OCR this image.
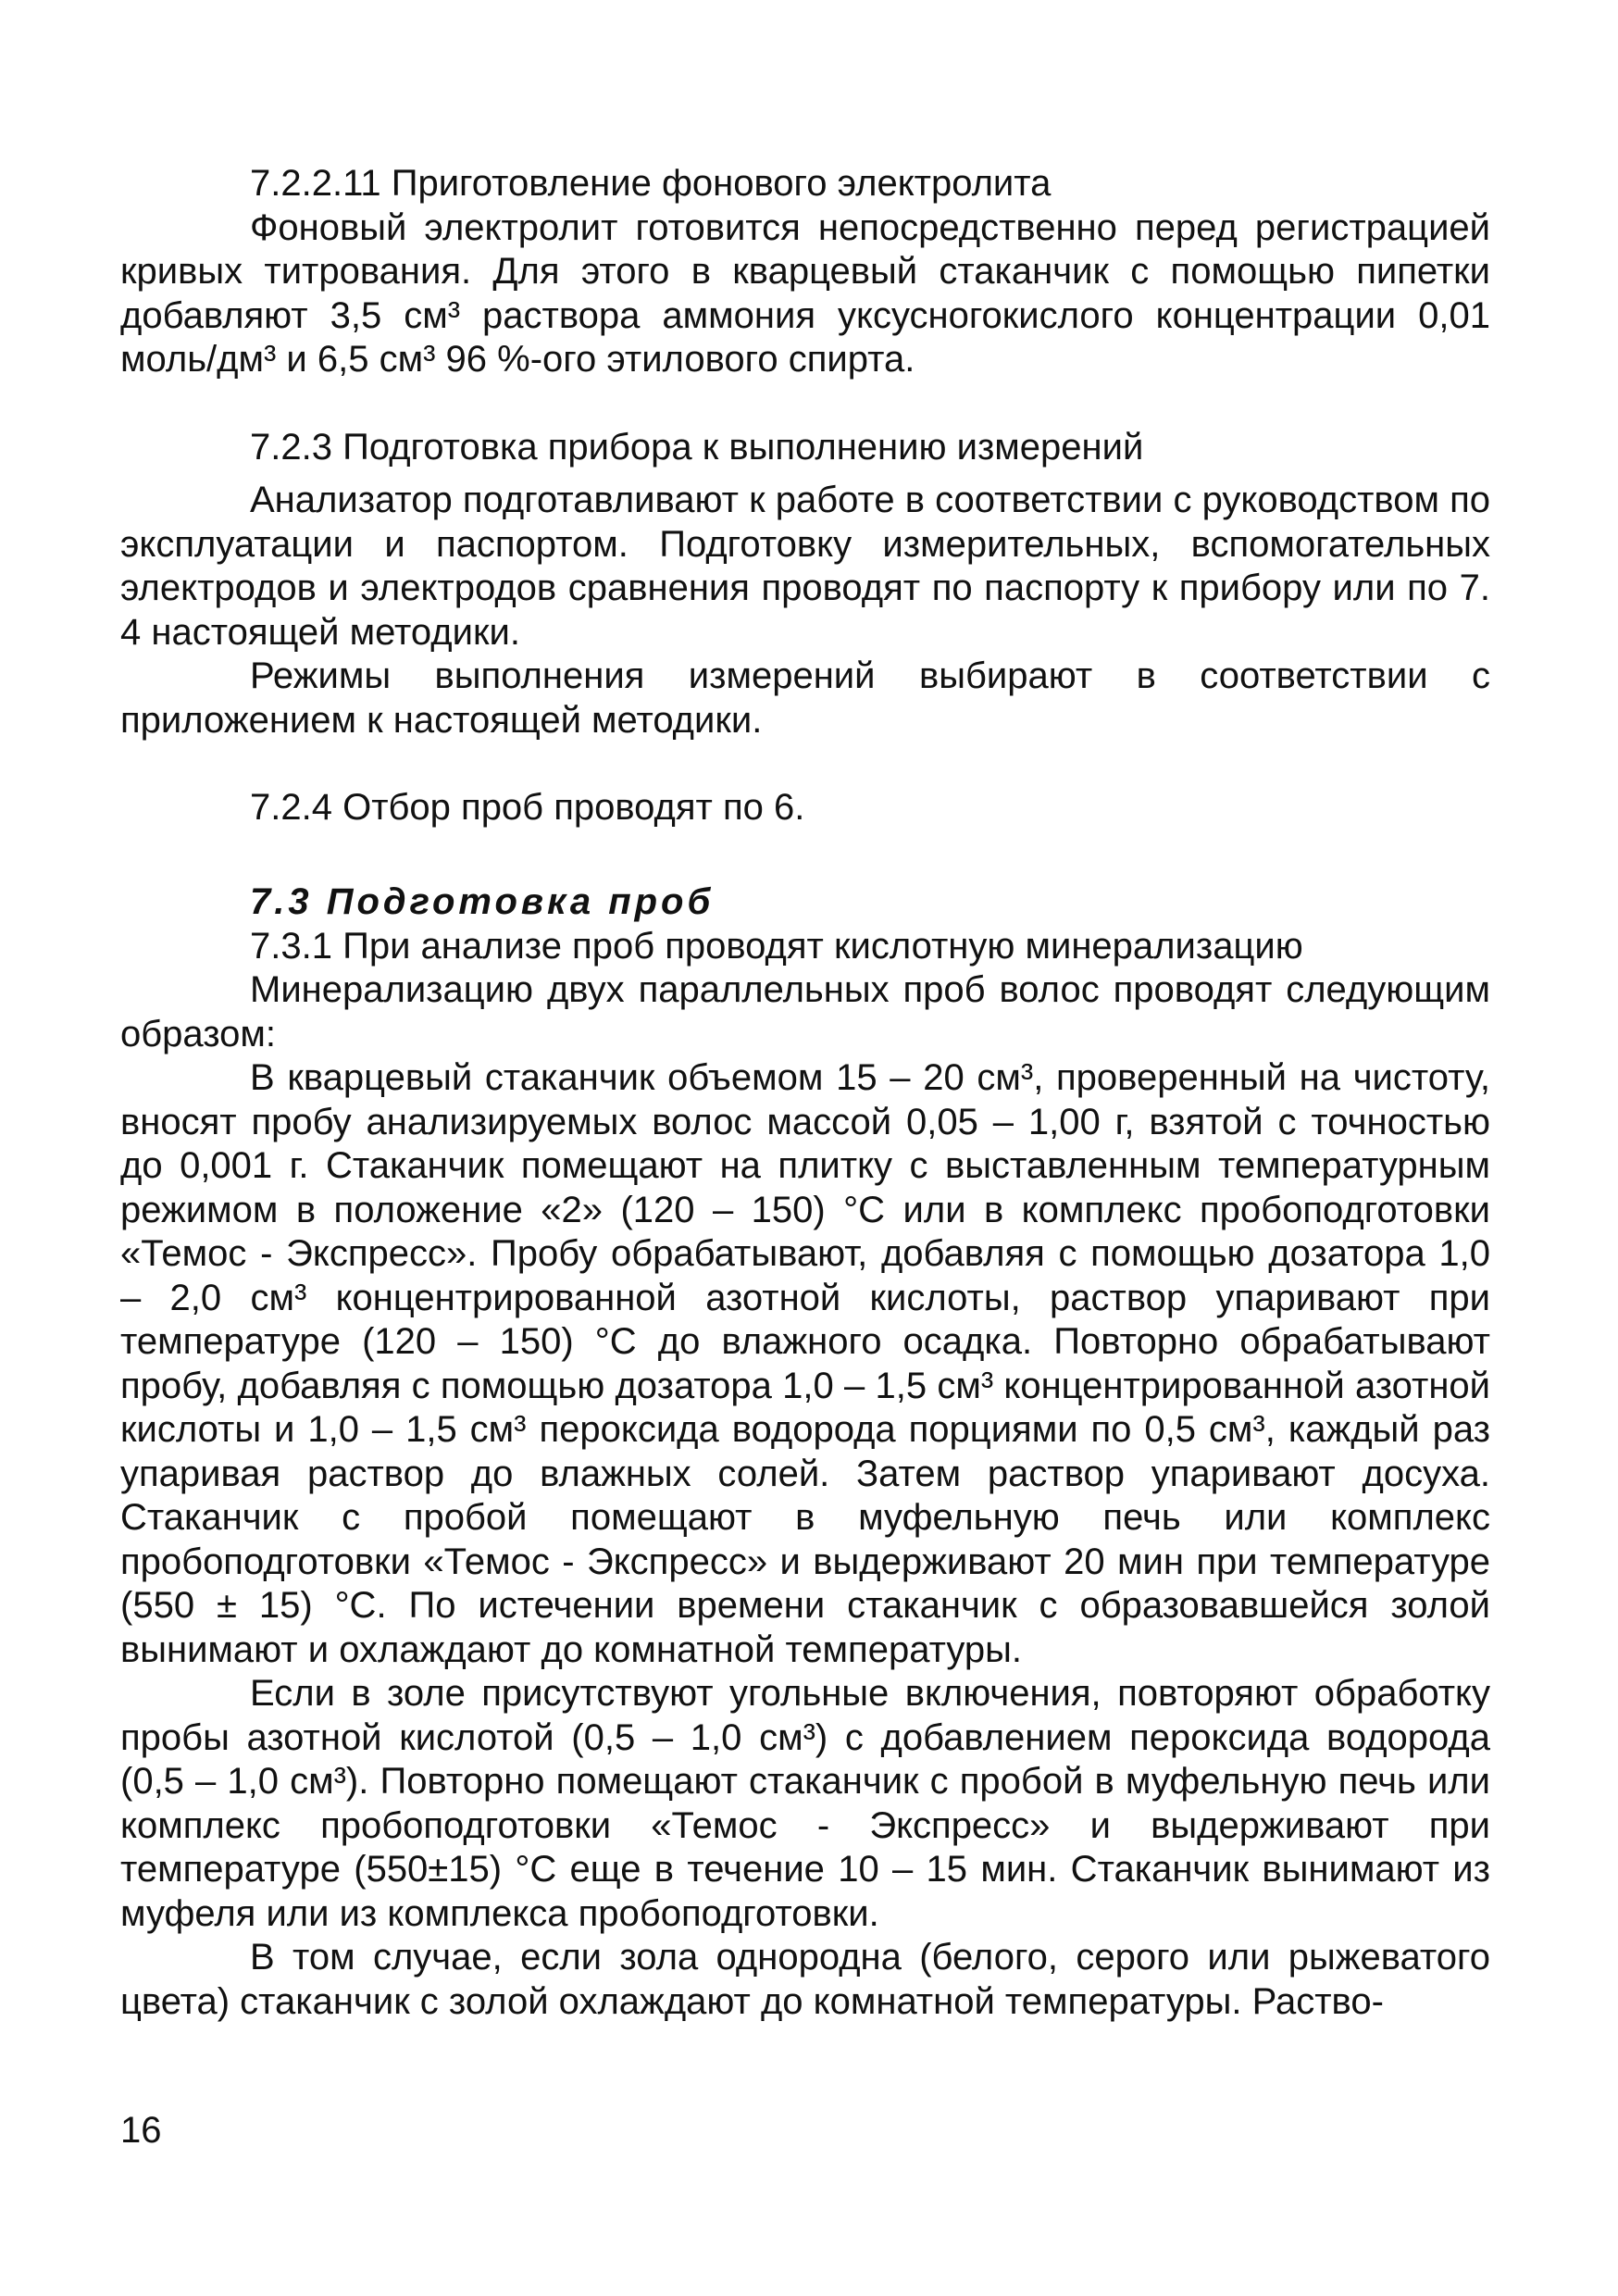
7.2.2.11 Приготовление фонового электролита

Фоновый электролит готовится непосредственно перед регистрацией кривых титрования. Для этого в кварцевый стаканчик с помощью пипетки добавляют 3,5 см³ раствора аммония уксусногокислого концентрации 0,01 моль/дм³ и 6,5 см³ 96 %-ого этилового спирта.

7.2.3 Подготовка прибора к выполнению измерений

Анализатор подготавливают к работе в соответствии с руководством по эксплуатации и паспортом. Подготовку измерительных, вспомогательных электродов и электродов сравнения проводят по паспорту к прибору или по 7. 4 настоящей методики.

Режимы выполнения измерений выбирают в соответствии с приложением к настоящей методики.

7.2.4 Отбор проб проводят по 6.

7.3 Подготовка проб

7.3.1 При анализе проб проводят кислотную минерализацию

Минерализацию двух параллельных проб волос проводят следующим образом:

В кварцевый стаканчик объемом 15 – 20 см³, проверенный на чистоту, вносят пробу анализируемых волос массой 0,05 – 1,00 г, взятой с точностью до 0,001 г. Стаканчик помещают на плитку с выставленным температурным режимом в положение «2» (120 – 150) °С или в комплекс пробоподготовки «Темос - Экспресс». Пробу обрабатывают, добавляя с помощью дозатора 1,0 – 2,0 см³ концентрированной азотной кислоты, раствор упаривают при температуре (120 – 150) °С до влажного осадка. Повторно обрабатывают пробу, добавляя с помощью дозатора 1,0 – 1,5 см³ концентрированной азотной кислоты и 1,0 – 1,5 см³ пероксида водорода порциями по 0,5 см³, каждый раз упаривая раствор до влажных солей. Затем раствор упаривают досуха. Стаканчик с пробой помещают в муфельную печь или комплекс пробоподготовки «Темос - Экспресс» и выдерживают 20 мин при температуре (550 ± 15) °С. По истечении времени стаканчик с образовавшейся золой вынимают и охлаждают до комнатной температуры.

Если в золе присутствуют угольные включения, повторяют обработку пробы азотной кислотой (0,5 – 1,0 см³) с добавлением пероксида водорода (0,5 – 1,0 см³). Повторно помещают стаканчик с пробой в муфельную печь или комплекс пробоподготовки «Темос - Экспресс» и выдерживают при температуре (550±15) °С еще в течение 10 – 15 мин. Стаканчик вынимают из муфеля или из комплекса пробоподготовки.

В том случае, если зола однородна (белого, серого или рыжеватого цвета) стаканчик с золой охлаждают до комнатной температуры. Раство-

16
